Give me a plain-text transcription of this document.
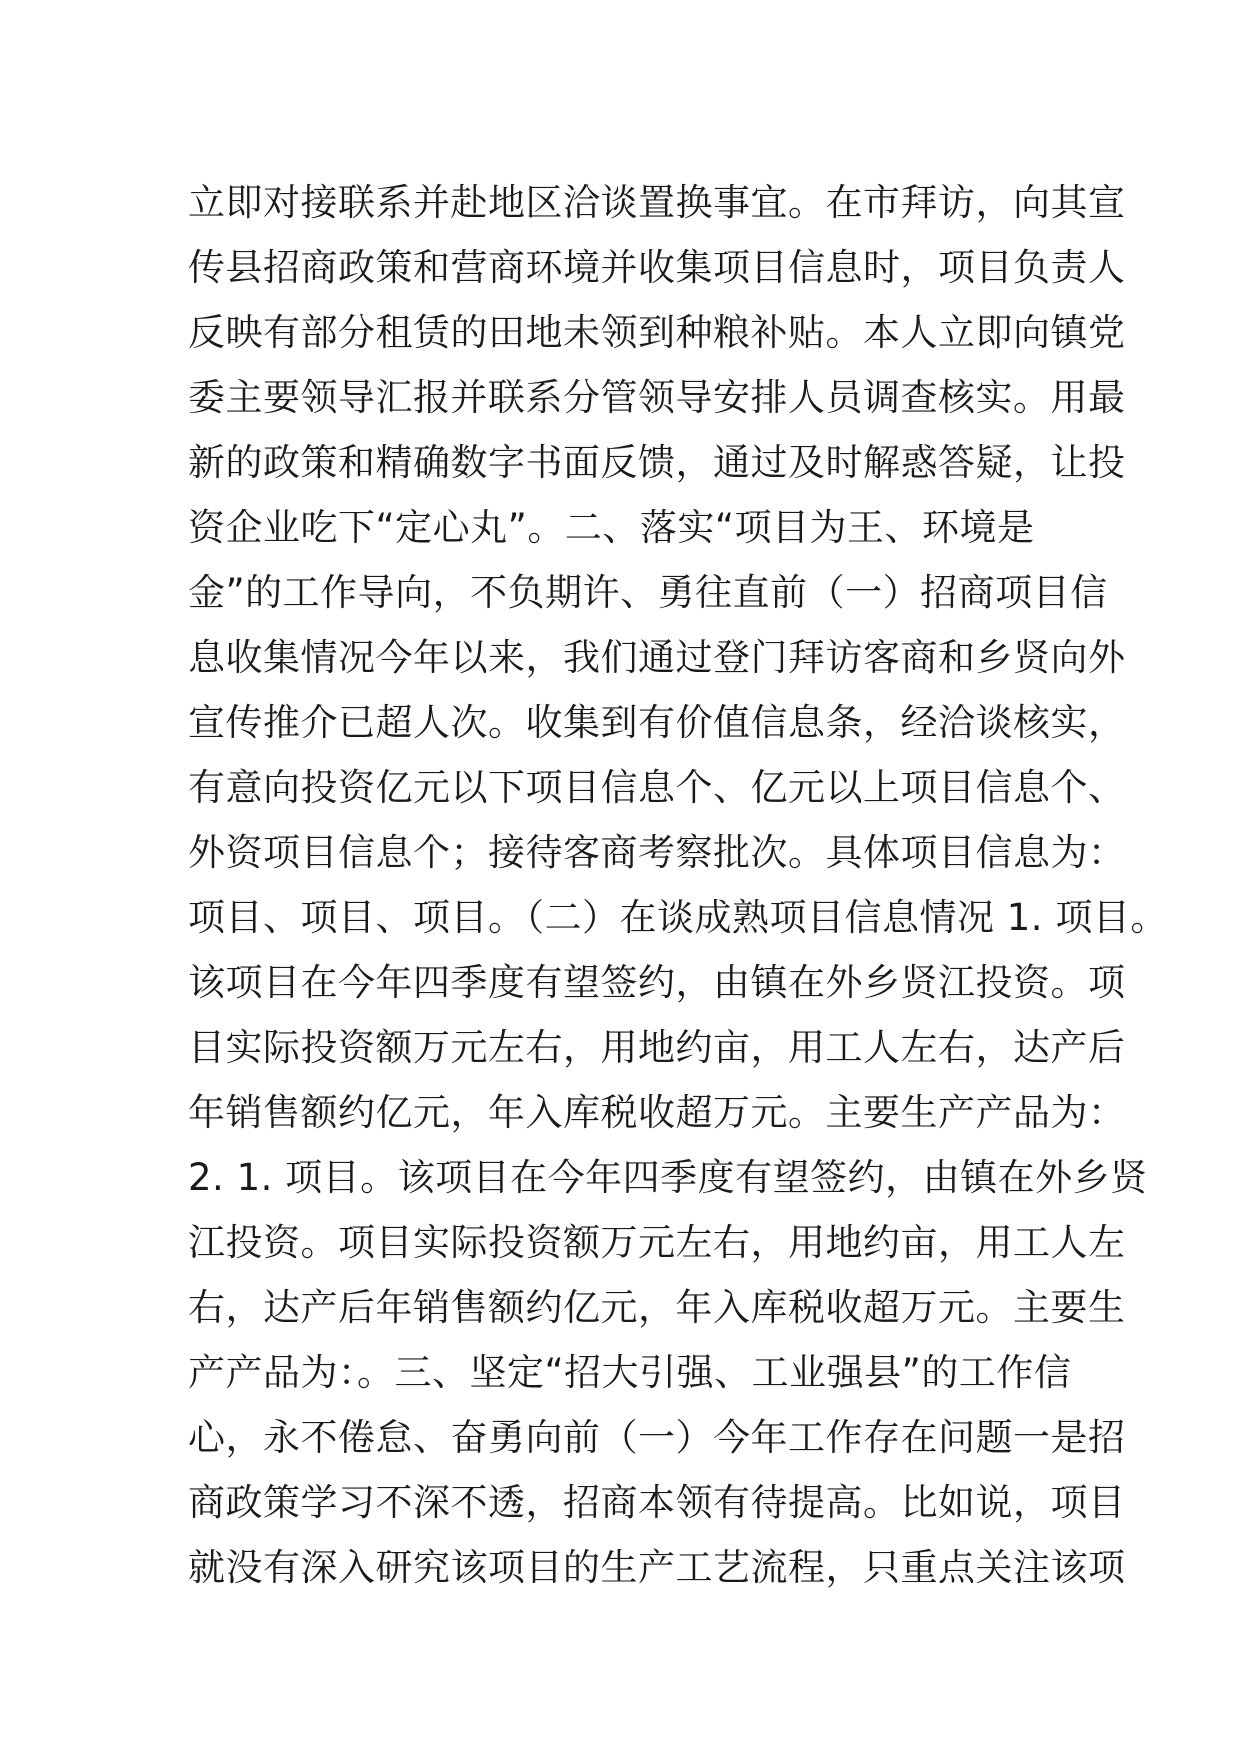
立即对接联系并赴地区洽谈置换事宜。在市拜访，向其宣
传县招商政策和营商环境并收集项目信息时，项目负责人
反映有部分租赁的田地未领到种粮补贴。本人立即向镇党
委主要领导汇报并联系分管领导安排人员调查核实。用最
新的政策和精确数字书面反馈，通过及时解惑答疑，让投
资企业吃下“定心丸”。二、落实“项目为王、环境是
金”的工作导向，不负期许、勇往直前（一）招商项目信
息收集情况今年以来，我们通过登门拜访客商和乡贤向外
宣传推介已超人次。收集到有价值信息条，经洽谈核实，
有意向投资亿元以下项目信息个、亿元以上项目信息个、
外资项目信息个；接待客商考察批次。具体项目信息为：
项目、项目、项目。（二）在谈成熟项目信息情况 1. 项目。
该项目在今年四季度有望签约，由镇在外乡贤江投资。项
目实际投资额万元左右，用地约亩，用工人左右，达产后
年销售额约亿元，年入库税收超万元。主要生产产品为：
2. 1. 项目。该项目在今年四季度有望签约，由镇在外乡贤
江投资。项目实际投资额万元左右，用地约亩，用工人左
右，达产后年销售额约亿元，年入库税收超万元。主要生
产产品为：。三、坚定“招大引强、工业强县”的工作信
心，永不倦怠、奋勇向前（一）今年工作存在问题一是招
商政策学习不深不透，招商本领有待提高。比如说，项目
就没有深入研究该项目的生产工艺流程，只重点关注该项
